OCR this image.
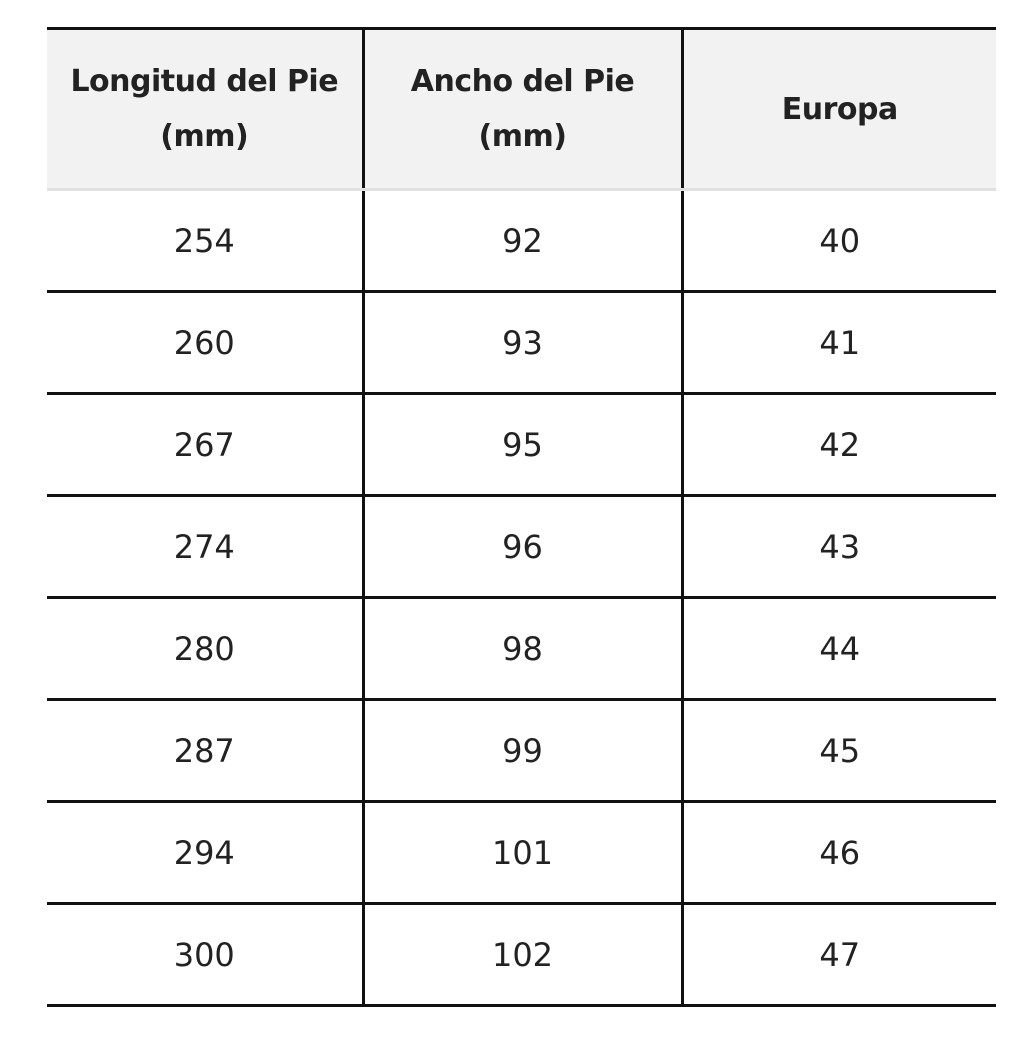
Longitud del Pie (mm)	Ancho del Pie (mm)	Europa
254	92	40
260	93	41
267	95	42
274	96	43
280	98	44
287	99	45
294	101	46
300	102	47
